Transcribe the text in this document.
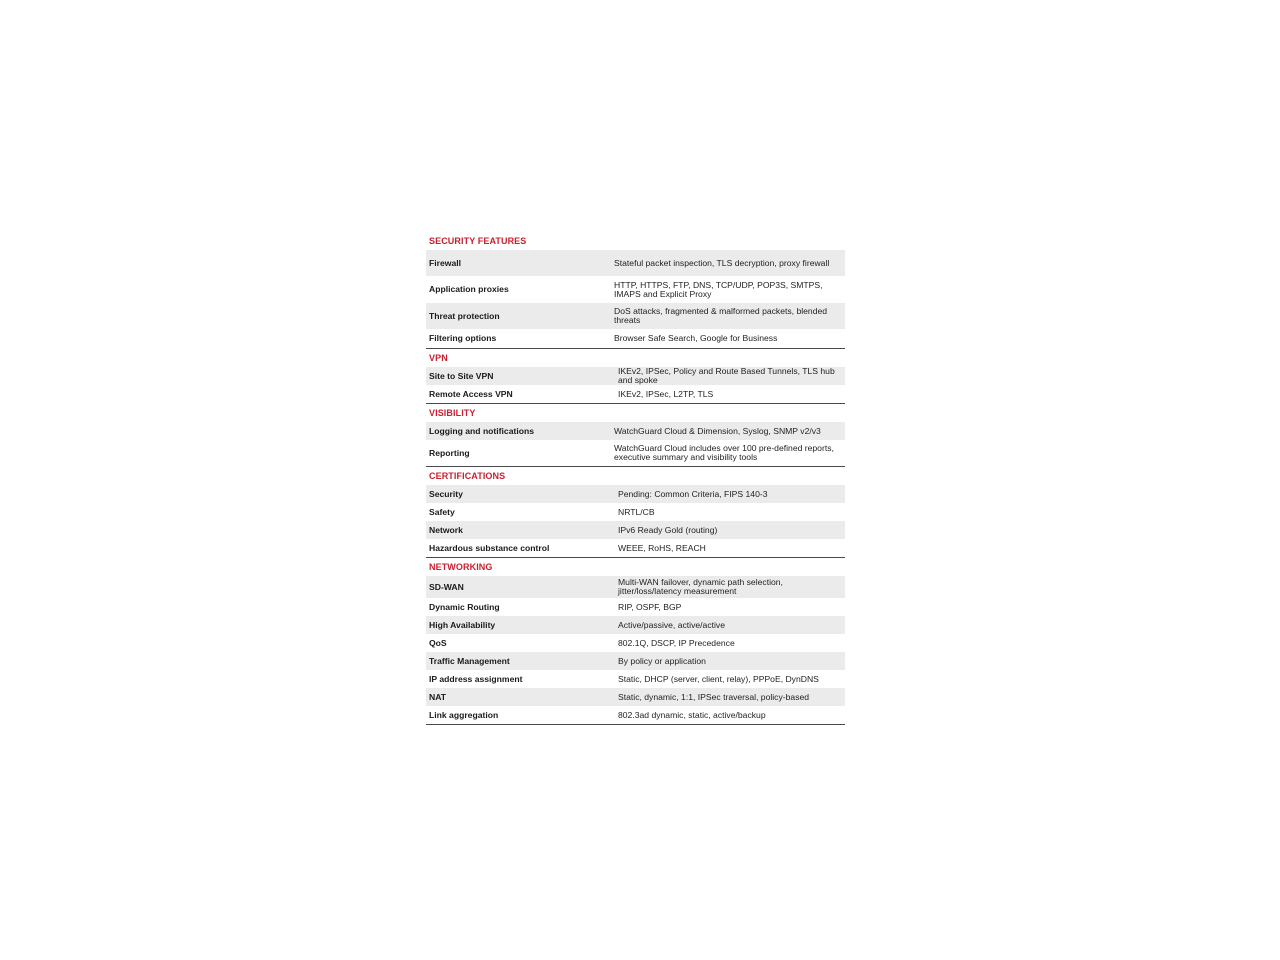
SECURITY FEATURES
Firewall	Stateful packet inspection, TLS decryption, proxy firewall
Application proxies	HTTP, HTTPS, FTP, DNS, TCP/UDP, POP3S, SMTPS, IMAPS and Explicit Proxy
Threat protection	DoS attacks, fragmented & malformed packets, blended threats
Filtering options	Browser Safe Search, Google for Business
VPN
Site to Site VPN	IKEv2, IPSec, Policy and Route Based Tunnels, TLS hub and spoke
Remote Access VPN	IKEv2, IPSec, L2TP, TLS
VISIBILITY
Logging and notifications	WatchGuard Cloud & Dimension, Syslog, SNMP v2/v3
Reporting	WatchGuard Cloud includes over 100 pre-defined reports, executive summary and visibility tools
CERTIFICATIONS
Security	Pending: Common Criteria, FIPS 140-3
Safety	NRTL/CB
Network	IPv6 Ready Gold (routing)
Hazardous substance control	WEEE, RoHS, REACH
NETWORKING
SD-WAN	Multi-WAN failover, dynamic path selection, jitter/loss/latency measurement
Dynamic Routing	RIP, OSPF, BGP
High Availability	Active/passive, active/active
QoS	802.1Q, DSCP, IP Precedence
Traffic Management	By policy or application
IP address assignment	Static, DHCP (server, client, relay), PPPoE, DynDNS
NAT	Static, dynamic, 1:1, IPSec traversal, policy-based
Link aggregation	802.3ad dynamic, static, active/backup
